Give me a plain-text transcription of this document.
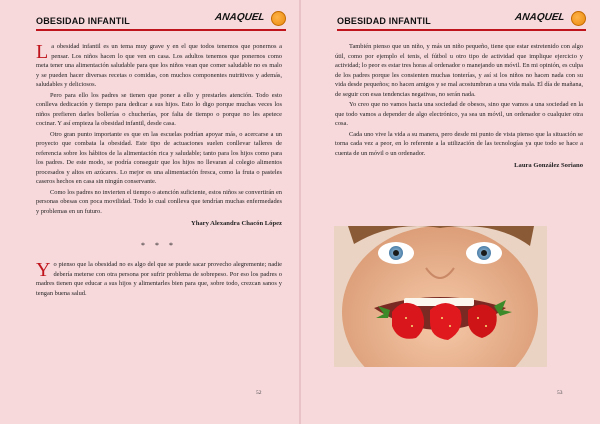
OBESIDAD INFANTIL	ANAQUEL

La obesidad infantil es un tema muy grave y en el que todos tenemos que ponernos a pensar. Los niños hacen lo que ven en casa. Los adultos tenemos que ponernos como meta tener una alimentación saludable para que los niños vean que comer saludable no es malo y se pueden hacer diversas recetas o comidas, con muchos componentes nutritivos y además, saludables y deliciosos.

Pero para ello los padres se tienen que poner a ello y prestarles atención. Todo esto conlleva dedicación y tiempo para dedicar a sus hijos. Esto lo digo porque muchas veces los niños prefieren darles bollerías o chucherías, por falta de tiempo o porque no les apetece cocinar. Y así empieza la obesidad infantil, desde casa.

Otro gran punto importante es que en las escuelas podrían apoyar más, o acercarse a un proyecto que combata la obesidad. Este tipo de actuaciones suelen conllevar talleres de referencia sobre los hábitos de la alimentación rica y saludable; tanto para los hijos como para los padres. De este modo, se podría conseguir que los hijos no llevaran al colegio alimentos procesados y altos en azúcares. Lo mejor es una alimentación fresca, como la fruta o pasteles caseros hechos en casa sin ningún conservante.

Como los padres no invierten el tiempo o atención suficiente, estos niños se convertirán en personas obesas con poca movilidad. Todo lo cual conlleva que tendrían muchas enfermedades y problemas en un futuro.

Yhary Alexandra Chacón López
* * *

Yo pienso que la obesidad no es algo del que se puede sacar provecho alegremente; nadie debería meterse con otra persona por sufrir problema de sobrepeso. Por eso los padres o madres tienen que educar a sus hijos y alimentarles bien para que, sobre todo, crezcan sanos y tengan buena salud.

52
OBESIDAD INFANTIL	ANAQUEL

También pienso que un niño, y más un niño pequeño, tiene que estar estretenido con algo útil, como por ejemplo el tenis, el fútbol u otro tipo de actividad que implique ejercicio y actividad; lo peor es estar tres horas al ordenador o manejando un móvil. En mi opinión, es culpa de los padres porque les consienten muchas tonterías, y así si los niños no hacen nada con su vida desde pequeños; no hacen amigos y se mal acostumbran a una vida mala. El día de mañana, de seguir con esas tendencias negativas, no serán nada.

Yo creo que no vamos hacia una sociedad de obesos, sino que vamos a una sociedad en la que todo vamos a depender de algo electrónico, ya sea un móvil, un ordenador o cualquier otra cosa.

Cada uno vive la vida a su manera, pero desde mi punto de vista pienso que la situación se torna cada vez a peor, en lo referente a la utilización de las tecnologías ya que todo se hace a cuenta de un móvil o un ordenador.

Laura González Soriano
53
